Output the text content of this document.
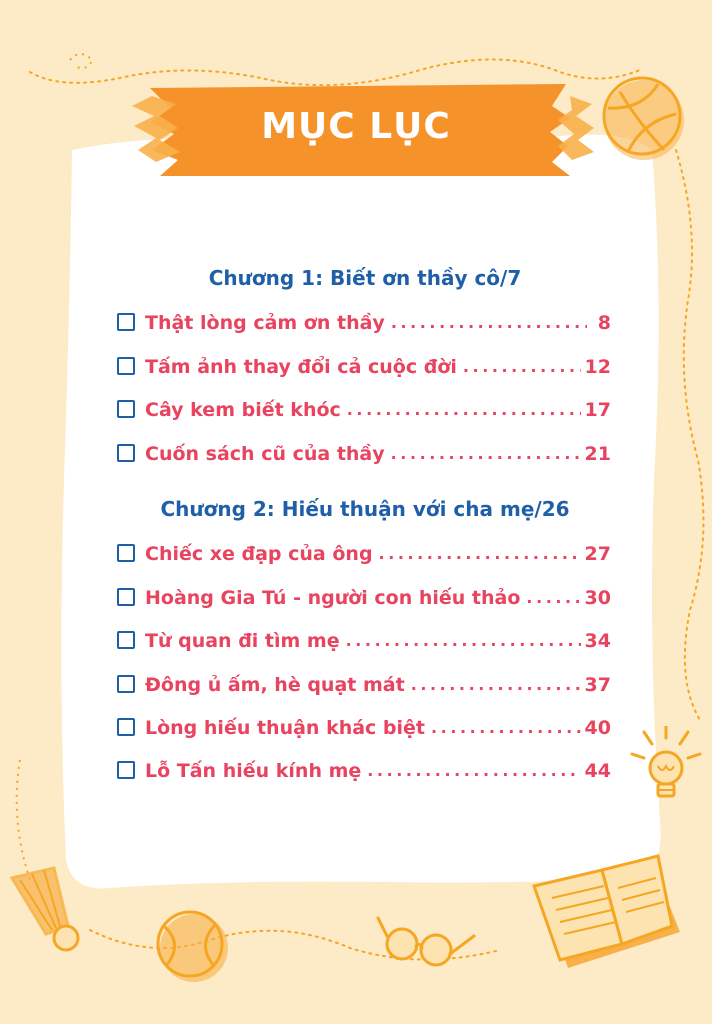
MỤC LỤC
Chương 1: Biết ơn thầy cô/7
Thật lòng cảm ơn thầy . . .	8
Tấm ảnh thay đổi cả cuộc đời . . .	12
Cây kem biết khóc . . .	17
Cuốn sách cũ của thầy . . .	21
Chương 2: Hiếu thuận với cha mẹ/26
Chiếc xe đạp của ông . . .	27
Hoàng Gia Tú - người con hiếu thảo . . .	30
Từ quan đi tìm mẹ . . .	34
Đông ủ ấm, hè quạt mát . . .	37
Lòng hiếu thuận khác biệt . . .	40
Lỗ Tấn hiếu kính mẹ . . .	44
